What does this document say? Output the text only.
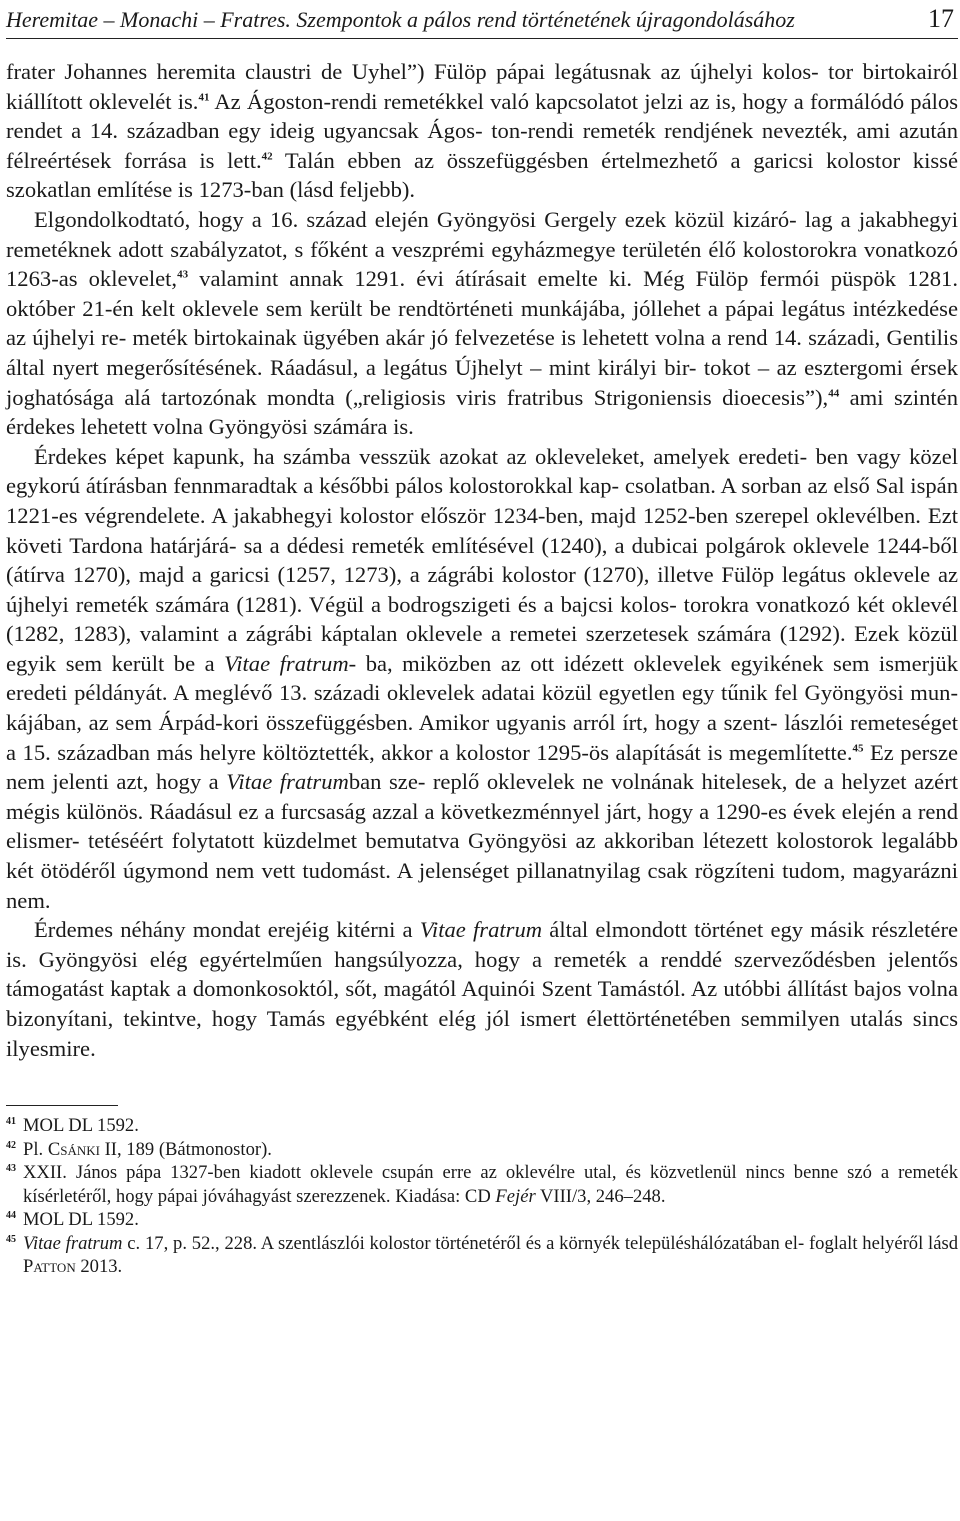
Heremitae – Monachi – Fratres. Szempontok a pálos rend történetének újragondolásához	17

frater Johannes heremita claustri de Uyhel”) Fülöp pápai legátusnak az újhelyi kolos- tor birtokairól kiállított oklevelét is.$^{41}$ Az Ágoston-rendi remetékkel való kapcsolatot jelzi az is, hogy a formálódó pálos rendet a 14. században egy ideig ugyancsak Ágos- ton-rendi remeték rendjének nevezték, ami azután félreértések forrása is lett.$^{42}$ Talán ebben az összefüggésben értelmezhető a garicsi kolostor kissé szokatlan említése is 1273-ban (lásd feljebb).

Elgondolkodtató, hogy a 16. század elején Gyöngyösi Gergely ezek közül kizáró- lag a jakabhegyi remetéknek adott szabályzatot, s főként a veszprémi egyházmegye területén élő kolostorokra vonatkozó 1263-as oklevelet,$^{43}$ valamint annak 1291. évi átírásait emelte ki. Még Fülöp fermói püspök 1281. október 21-én kelt oklevele sem került be rendtörténeti munkájába, jóllehet a pápai legátus intézkedése az újhelyi re- meték birtokainak ügyében akár jó felvezetése is lehetett volna a rend 14. századi, Gentilis által nyert megerősítésének. Ráadásul, a legátus Újhelyt – mint királyi bir- tokot – az esztergomi érsek joghatósága alá tartozónak mondta („religiosis viris fratribus Strigoniensis dioecesis”),$^{44}$ ami szintén érdekes lehetett volna Gyöngyösi számára is.

Érdekes képet kapunk, ha számba vesszük azokat az okleveleket, amelyek eredeti- ben vagy közel egykorú átírásban fennmaradtak a későbbi pálos kolostorokkal kap- csolatban. A sorban az első Sal ispán 1221-es végrendelete. A jakabhegyi kolostor először 1234-ben, majd 1252-ben szerepel oklevélben. Ezt követi Tardona határjárá- sa a dédesi remeték említésével (1240), a dubicai polgárok oklevele 1244-ből (átírva 1270), majd a garicsi (1257, 1273), a zágrábi kolostor (1270), illetve Fülöp legátus oklevele az újhelyi remeték számára (1281). Végül a bodrogszigeti és a bajcsi kolos- torokra vonatkozó két oklevél (1282, 1283), valamint a zágrábi káptalan oklevele a remetei szerzetesek számára (1292). Ezek közül egyik sem került be a Vitae fratrum- ba, miközben az ott idézett oklevelek egyikének sem ismerjük eredeti példányát. A meglévő 13. századi oklevelek adatai közül egyetlen egy tűnik fel Gyöngyösi mun- kájában, az sem Árpád-kori összefüggésben. Amikor ugyanis arról írt, hogy a szent- lászlói remeteséget a 15. században más helyre költöztették, akkor a kolostor 1295-ös alapítását is megemlítette.$^{45}$ Ez persze nem jelenti azt, hogy a Vitae fratrumban sze- replő oklevelek ne volnának hitelesek, de a helyzet azért mégis különös. Ráadásul ez a furcsaság azzal a következménnyel járt, hogy a 1290-es évek elején a rend elismer- tetéséért folytatott küzdelmet bemutatva Gyöngyösi az akkoriban létezett kolostorok legalább két ötödéről úgymond nem vett tudomást. A jelenséget pillanatnyilag csak rögzíteni tudom, magyarázni nem.

Érdemes néhány mondat erejéig kitérni a Vitae fratrum által elmondott történet egy másik részletére is. Gyöngyösi elég egyértelműen hangsúlyozza, hogy a remeték a renddé szerveződésben jelentős támogatást kaptak a domonkosoktól, sőt, magától Aquinói Szent Tamástól. Az utóbbi állítást bajos volna bizonyítani, tekintve, hogy Tamás egyébként elég jól ismert élettörténetében semmilyen utalás sincs ilyesmire.

41 MOL DL 1592.
42 Pl. Csánki II, 189 (Bátmonostor).
43 XXII. János pápa 1327-ben kiadott oklevele csupán erre az oklevélre utal, és közvetlenül nincs benne szó a remeték kísérletéről, hogy pápai jóváhagyást szerezzenek. Kiadása: CD Fejér VIII/3, 246–248.
44 MOL DL 1592.
45 Vitae fratrum c. 17, p. 52., 228. A szentlászlói kolostor történetéről és a környék településhálózatában el- foglalt helyéről lásd Patton 2013.
